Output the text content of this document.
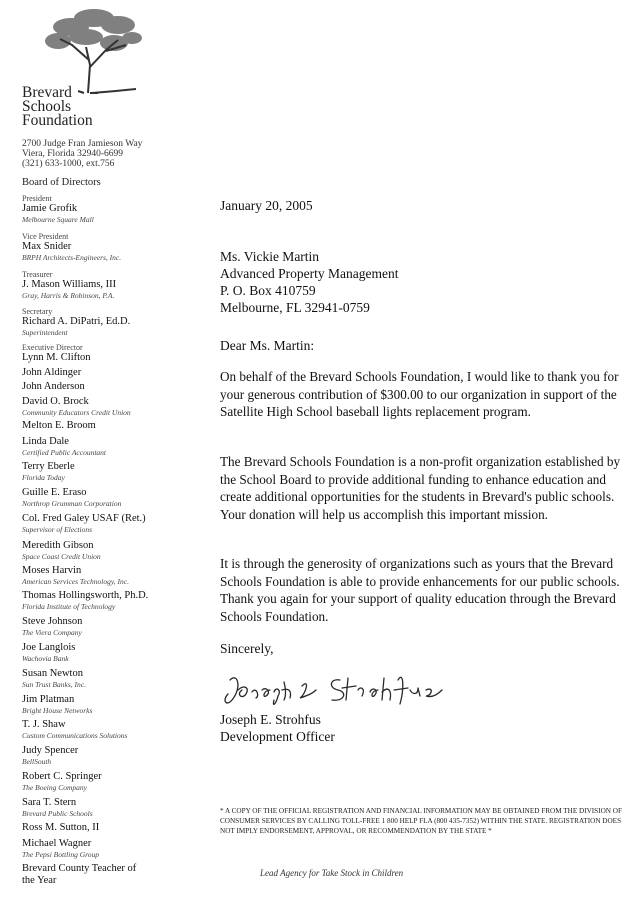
Brevard
Schools
Foundation
2700 Judge Fran Jamieson Way
Viera, Florida 32940-6699
(321) 633-1000, ext.756
Board of Directors
President
Jamie Grofik
Melbourne Square Mall
Vice President
Max Snider
BRPH Architects-Engineers, Inc.
Treasurer
J. Mason Williams, III
Gray, Harris & Robinson, P.A.
Secretary
Richard A. DiPatri, Ed.D.
Superintendent
Executive Director
Lynn M. Clifton
John Aldinger
John Anderson
David O. Brock
Community Educators Credit Union
Melton E. Broom
Linda Dale
Certified Public Accountant
Terry Eberle
Florida Today
Guille E. Eraso
Northrop Grumman Corporation
Col. Fred Galey USAF (Ret.)
Supervisor of Elections
Meredith Gibson
Space Coast Credit Union
Moses Harvin
American Services Technology, Inc.
Thomas Hollingsworth, Ph.D.
Florida Institute of Technology
Steve Johnson
The Viera Company
Joe Langlois
Wachovia Bank
Susan Newton
Sun Trust Banks, Inc.
Jim Platman
Bright House Networks
T. J. Shaw
Custom Communications Solutions
Judy Spencer
BellSouth
Robert C. Springer
The Boeing Company
Sara T. Stern
Brevard Public Schools
Ross M. Sutton, II
Michael Wagner
The Pepsi Bottling Group
Brevard County Teacher of the Year
January 20, 2005
Ms. Vickie Martin
Advanced Property Management
P. O. Box 410759
Melbourne, FL 32941-0759
Dear Ms. Martin:
On behalf of the Brevard Schools Foundation, I would like to thank you for your generous contribution of $300.00 to our organization in support of the Satellite High School baseball lights replacement program.
The Brevard Schools Foundation is a non-profit organization established by the School Board to provide additional funding to enhance education and create additional opportunities for the students in Brevard's public schools. Your donation will help us accomplish this important mission.
It is through the generosity of organizations such as yours that the Brevard Schools Foundation is able to provide enhancements for our public schools. Thank you again for your support of quality education through the Brevard Schools Foundation.
Sincerely,
Joseph E. Strohfus
Development Officer
* A COPY OF THE OFFICIAL REGISTRATION AND FINANCIAL INFORMATION MAY BE OBTAINED FROM THE DIVISION OF CONSUMER SERVICES BY CALLING TOLL-FREE 1 800 HELP FLA (800 435-7352) WITHIN THE STATE. REGISTRATION DOES NOT IMPLY ENDORSEMENT, APPROVAL, OR RECOMMENDATION BY THE STATE *
Lead Agency for Take Stock in Children
